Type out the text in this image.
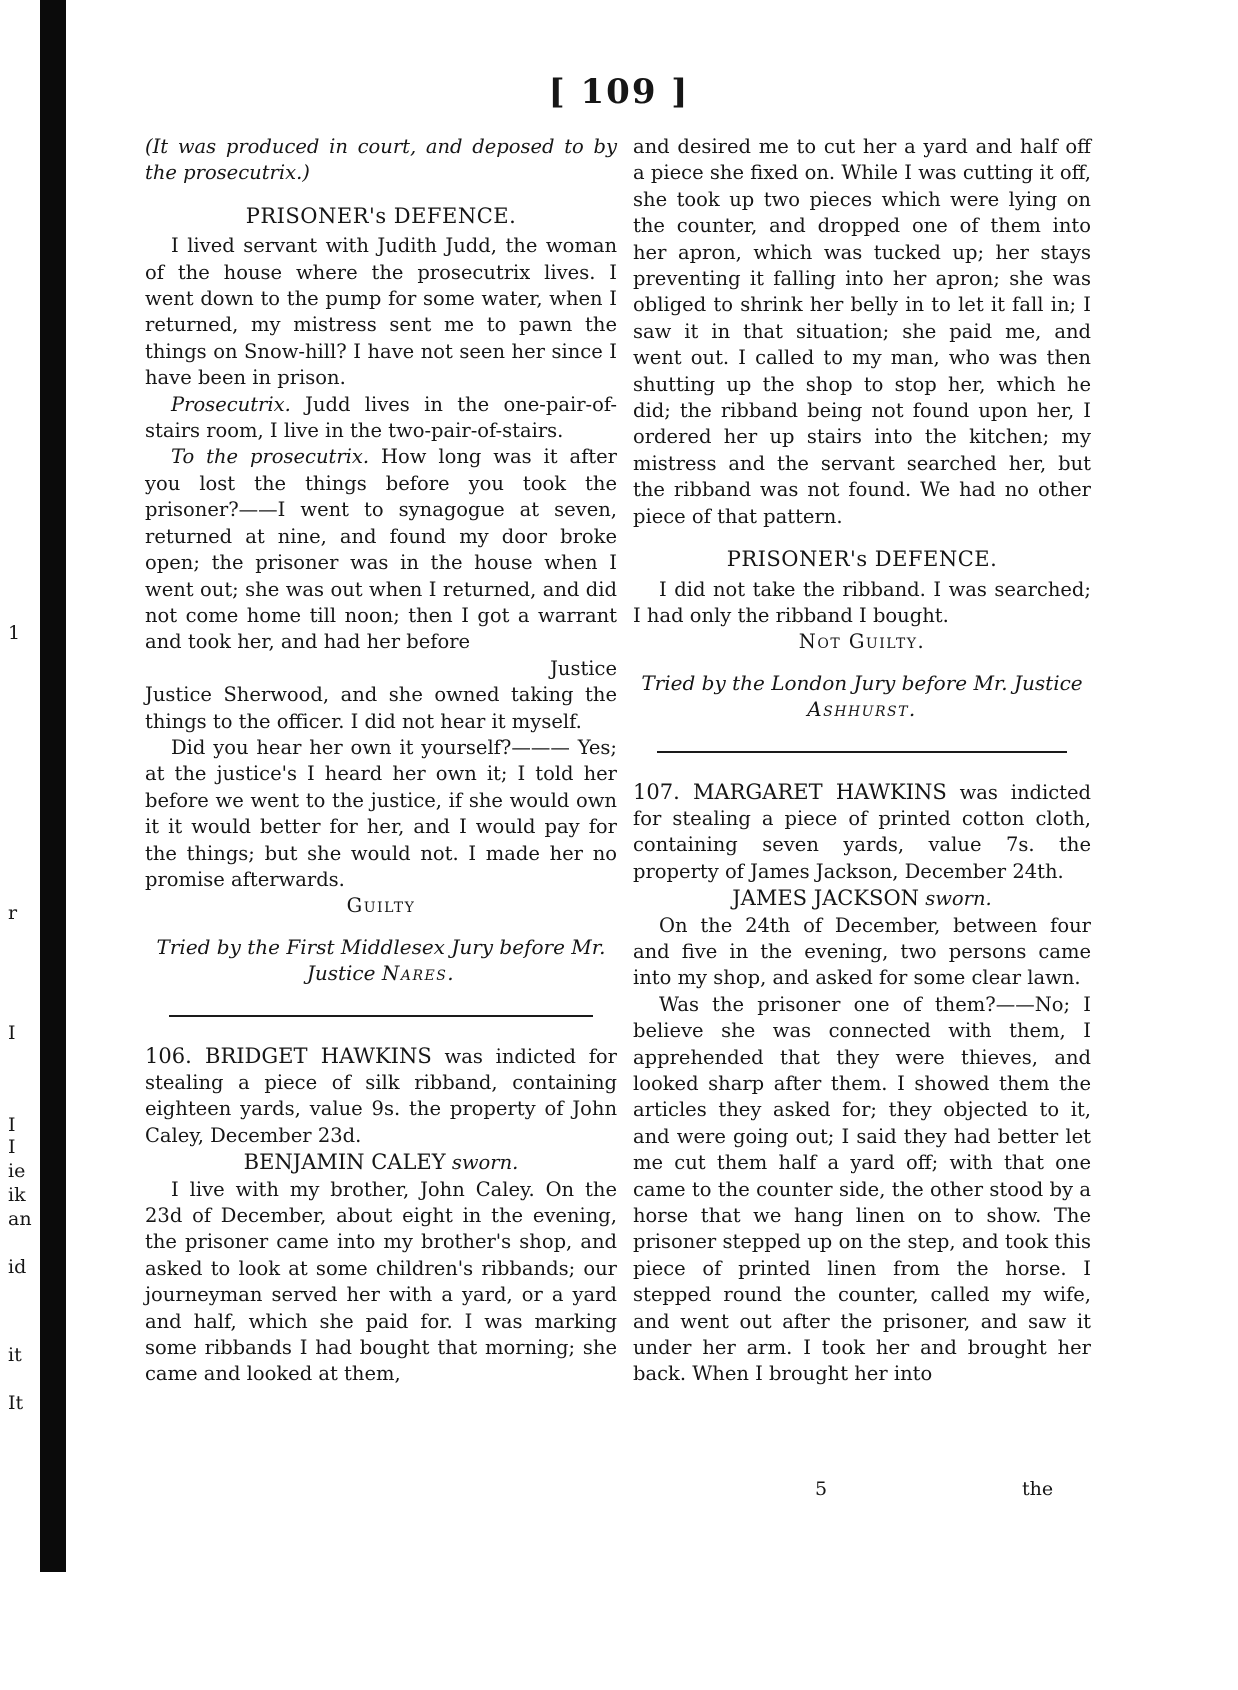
[ 109 ]
(It was produced in court, and deposed to by the prosecutrix.)
PRISONER's DEFENCE.
I lived servant with Judith Judd, the woman of the house where the prosecutrix lives. I went down to the pump for some water, when I returned, my mistress sent me to pawn the things on Snow-hill? I have not seen her since I have been in prison.
Prosecutrix. Judd lives in the one-pair-of-stairs room, I live in the two-pair-of-stairs.
To the prosecutrix. How long was it after you lost the things before you took the prisoner?——I went to synagogue at seven, returned at nine, and found my door broke open; the prisoner was in the house when I went out; she was out when I returned, and did not come home till noon; then I got a warrant and took her, and had her before
Justice
Justice Sherwood, and she owned taking the things to the officer. I did not hear it myself.
Did you hear her own it yourself?——— Yes; at the justice's I heard her own it; I told her before we went to the justice, if she would own it it would better for her, and I would pay for the things; but she would not. I made her no promise afterwards.
Guilty
Tried by the First Middlesex Jury before Mr. Justice Nares.
106. BRIDGET HAWKINS was indicted for stealing a piece of silk ribband, containing eighteen yards, value 9s. the property of John Caley, December 23d.
BENJAMIN CALEY sworn.
I live with my brother, John Caley. On the 23d of December, about eight in the evening, the prisoner came into my brother's shop, and asked to look at some children's ribbands; our journeyman served her with a yard, or a yard and half, which she paid for. I was marking some ribbands I had bought that morning; she came and looked at them,
and desired me to cut her a yard and half off a piece she fixed on. While I was cutting it off, she took up two pieces which were lying on the counter, and dropped one of them into her apron, which was tucked up; her stays preventing it falling into her apron; she was obliged to shrink her belly in to let it fall in; I saw it in that situation; she paid me, and went out. I called to my man, who was then shutting up the shop to stop her, which he did; the ribband being not found upon her, I ordered her up stairs into the kitchen; my mistress and the servant searched her, but the ribband was not found. We had no other piece of that pattern.
PRISONER's DEFENCE.
I did not take the ribband. I was searched; I had only the ribband I bought.
Not Guilty.
Tried by the London Jury before Mr. Justice Ashhurst.
107. MARGARET HAWKINS was indicted for stealing a piece of printed cotton cloth, containing seven yards, value 7s. the property of James Jackson, December 24th.
JAMES JACKSON sworn.
On the 24th of December, between four and five in the evening, two persons came into my shop, and asked for some clear lawn.
Was the prisoner one of them?——No; I believe she was connected with them, I apprehended that they were thieves, and looked sharp after them. I showed them the articles they asked for; they objected to it, and were going out; I said they had better let me cut them half a yard off; with that one came to the counter side, the other stood by a horse that we hang linen on to show. The prisoner stepped up on the step, and took this piece of printed linen from the horse. I stepped round the counter, called my wife, and went out after the prisoner, and saw it under her arm. I took her and brought her back. When I brought her into
5	the
1
r
I
I
I
ie
ik
an
id
it
It
